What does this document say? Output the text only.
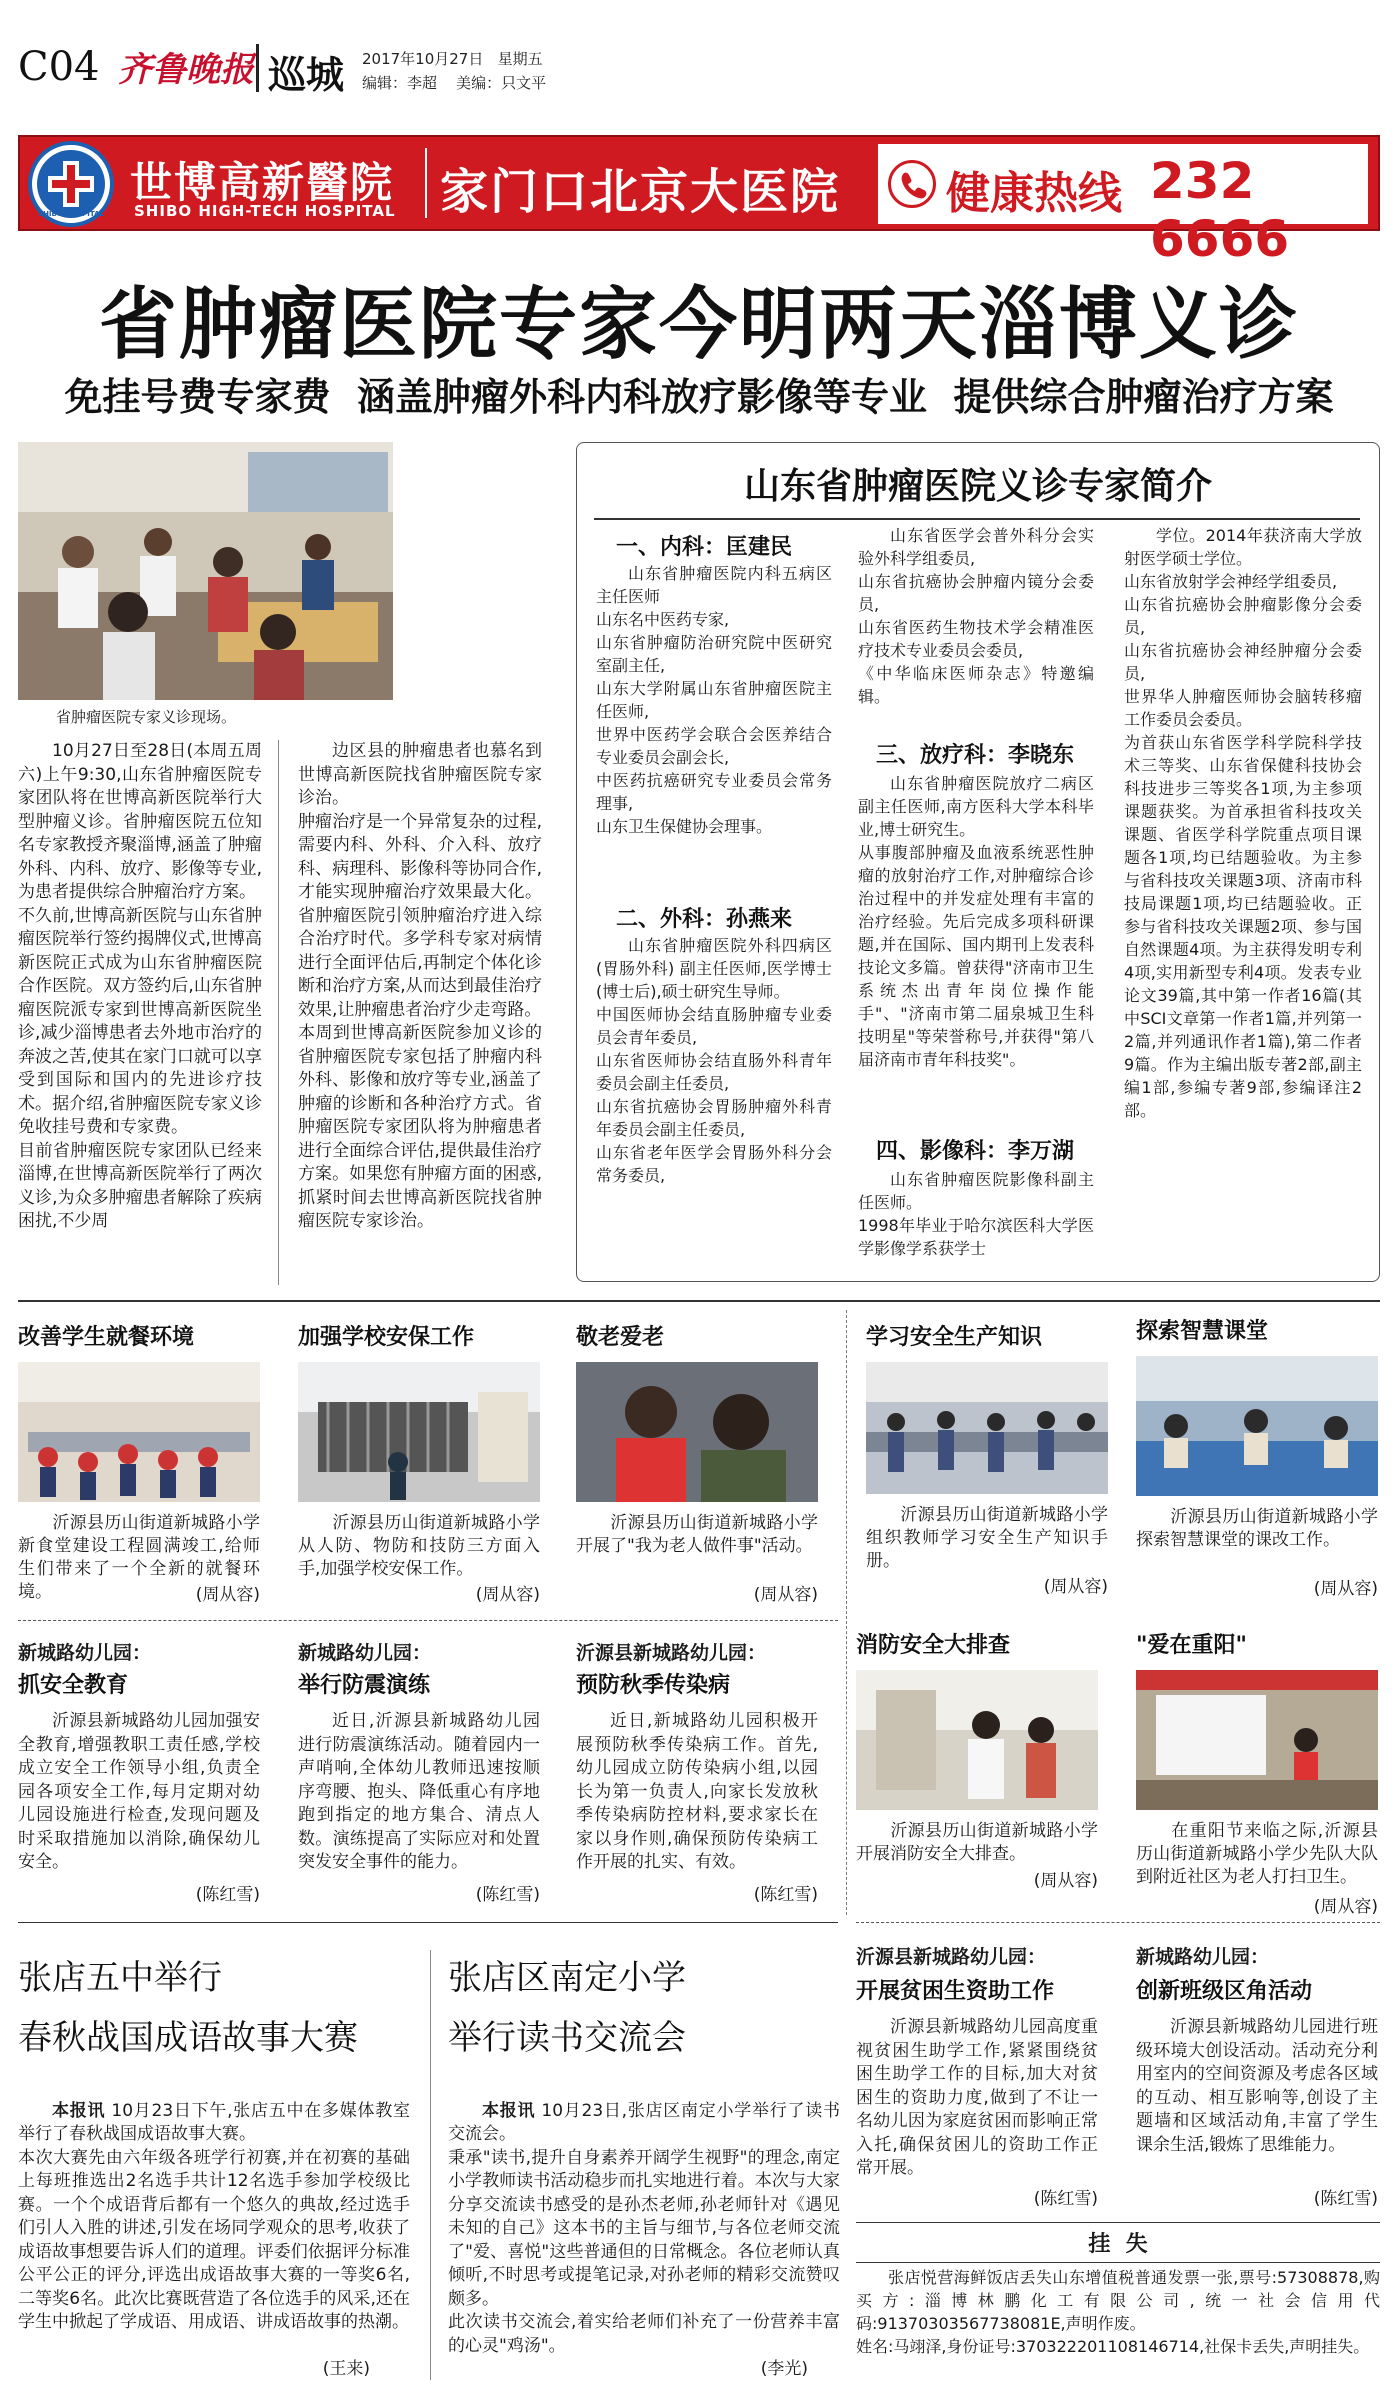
C04 齐鲁晚报 巡城 2017年10月27日 星期五
编辑：李超    美编：只文平
SHIBO HOSPITAL
世博高新醫院
SHIBO HIGH-TECH HOSPITAL 家门口北京大医院 健康热线 232 6666
省肿瘤医院专家今明两天淄博义诊
免挂号费专家费  涵盖肿瘤外科内科放疗影像等专业  提供综合肿瘤治疗方案
省肿瘤医院专家义诊现场。
10月27日至28日(本周五周六)上午9:30,山东省肿瘤医院专家团队将在世博高新医院举行大型肿瘤义诊。省肿瘤医院五位知名专家教授齐聚淄博,涵盖了肿瘤外科、内科、放疗、影像等专业,为患者提供综合肿瘤治疗方案。
不久前,世博高新医院与山东省肿瘤医院举行签约揭牌仪式,世博高新医院正式成为山东省肿瘤医院合作医院。双方签约后,山东省肿瘤医院派专家到世博高新医院坐诊,减少淄博患者去外地市治疗的奔波之苦,使其在家门口就可以享受到国际和国内的先进诊疗技术。据介绍,省肿瘤医院专家义诊免收挂号费和专家费。
目前省肿瘤医院专家团队已经来淄博,在世博高新医院举行了两次义诊,为众多肿瘤患者解除了疾病困扰,不少周
边区县的肿瘤患者也慕名到世博高新医院找省肿瘤医院专家诊治。
肿瘤治疗是一个异常复杂的过程,需要内科、外科、介入科、放疗科、病理科、影像科等协同合作,才能实现肿瘤治疗效果最大化。省肿瘤医院引领肿瘤治疗进入综合治疗时代。多学科专家对病情进行全面评估后,再制定个体化诊断和治疗方案,从而达到最佳治疗效果,让肿瘤患者治疗少走弯路。
本周到世博高新医院参加义诊的省肿瘤医院专家包括了肿瘤内科外科、影像和放疗等专业,涵盖了肿瘤的诊断和各种治疗方式。省肿瘤医院专家团队将为肿瘤患者进行全面综合评估,提供最佳治疗方案。如果您有肿瘤方面的困惑,抓紧时间去世博高新医院找省肿瘤医院专家诊治。
山东省肿瘤医院义诊专家简介
一、内科：匡建民
山东省肿瘤医院内科五病区 主任医师
山东名中医药专家,
山东省肿瘤防治研究院中医研究室副主任,
山东大学附属山东省肿瘤医院主任医师,
世界中医药学会联合会医养结合专业委员会副会长,
中医药抗癌研究专业委员会常务理事,
山东卫生保健协会理事。
二、外科：孙燕来
山东省肿瘤医院外科四病区(胃肠外科) 副主任医师,医学博士(博士后),硕士研究生导师。
中国医师协会结直肠肿瘤专业委员会青年委员,
山东省医师协会结直肠外科青年委员会副主任委员,
山东省抗癌协会胃肠肿瘤外科青年委员会副主任委员,
山东省老年医学会胃肠外科分会常务委员,
山东省医学会普外科分会实验外科学组委员,
山东省抗癌协会肿瘤内镜分会委员,
山东省医药生物技术学会精准医疗技术专业委员会委员,
《中华临床医师杂志》特邀编辑。
三、放疗科：李晓东
山东省肿瘤医院放疗二病区 副主任医师,南方医科大学本科毕业,博士研究生。
从事腹部肿瘤及血液系统恶性肿瘤的放射治疗工作,对肿瘤综合诊治过程中的并发症处理有丰富的治疗经验。先后完成多项科研课题,并在国际、国内期刊上发表科技论文多篇。曾获得"济南市卫生系统杰出青年岗位操作能手"、"济南市第二届泉城卫生科技明星"等荣誉称号,并获得"第八届济南市青年科技奖"。
四、影像科：李万湖
山东省肿瘤医院影像科副主任医师。
1998年毕业于哈尔滨医科大学医学影像学系获学士
学位。2014年获济南大学放射医学硕士学位。
山东省放射学会神经学组委员,
山东省抗癌协会肿瘤影像分会委员,
山东省抗癌协会神经肿瘤分会委员,
世界华人肿瘤医师协会脑转移瘤工作委员会委员。
为首获山东省医学科学院科学技术三等奖、山东省保健科技协会科技进步三等奖各1项,为主参项课题获奖。为首承担省科技攻关课题、省医学科学院重点项目课题各1项,均已结题验收。为主参与省科技攻关课题3项、济南市科技局课题1项,均已结题验收。正参与省科技攻关课题2项、参与国自然课题4项。为主获得发明专利4项,实用新型专利4项。发表专业论文39篇,其中第一作者16篇(其中SCI文章第一作者1篇,并列第一2篇,并列通讯作者1篇),第二作者9篇。作为主编出版专著2部,副主编1部,参编专著9部,参编译注2部。
改善学生就餐环境
沂源县历山街道新城路小学新食堂建设工程圆满竣工,给师生们带来了一个全新的就餐环境。	(周从容)
加强学校安保工作
沂源县历山街道新城路小学从人防、物防和技防三方面入手,加强学校安保工作。
(周从容)
敬老爱老
沂源县历山街道新城路小学开展了"我为老人做件事"活动。
(周从容)
学习安全生产知识
沂源县历山街道新城路小学组织教师学习安全生产知识手册。
(周从容)
探索智慧课堂
沂源县历山街道新城路小学探索智慧课堂的课改工作。
(周从容)
新城路幼儿园：
抓安全教育
沂源县新城路幼儿园加强安全教育,增强教职工责任感,学校成立安全工作领导小组,负责全园各项安全工作,每月定期对幼儿园设施进行检查,发现问题及时采取措施加以消除,确保幼儿安全。
(陈红雪)
新城路幼儿园：
举行防震演练
近日,沂源县新城路幼儿园进行防震演练活动。随着园内一声哨响,全体幼儿教师迅速按顺序弯腰、抱头、降低重心有序地跑到指定的地方集合、清点人数。演练提高了实际应对和处置突发安全事件的能力。
(陈红雪)
沂源县新城路幼儿园：
预防秋季传染病
近日,新城路幼儿园积极开展预防秋季传染病工作。首先,幼儿园成立防传染病小组,以园长为第一负责人,向家长发放秋季传染病防控材料,要求家长在家以身作则,确保预防传染病工作开展的扎实、有效。
(陈红雪)
消防安全大排查
沂源县历山街道新城路小学开展消防安全大排查。
(周从容)
"爱在重阳"
在重阳节来临之际,沂源县历山街道新城路小学少先队大队到附近社区为老人打扫卫生。
(周从容)
张店五中举行
春秋战国成语故事大赛

本报讯 10月23日下午,张店五中在多媒体教室举行了春秋战国成语故事大赛。
本次大赛先由六年级各班学行初赛,并在初赛的基础上每班推选出2名选手共计12名选手参加学校级比赛。一个个成语背后都有一个悠久的典故,经过选手们引人入胜的讲述,引发在场同学观众的思考,收获了成语故事想要告诉人们的道理。评委们依据评分标准公平公正的评分,评选出成语故事大赛的一等奖6名,二等奖6名。此次比赛既营造了各位选手的风采,还在学生中掀起了学成语、用成语、讲成语故事的热潮。

(王来)
张店区南定小学
举行读书交流会

本报讯 10月23日,张店区南定小学举行了读书交流会。
秉承"读书,提升自身素养开阔学生视野"的理念,南定小学教师读书活动稳步而扎实地进行着。本次与大家分享交流读书感受的是孙杰老师,孙老师针对《遇见未知的自己》这本书的主旨与细节,与各位老师交流了"爱、喜悦"这些普通但的日常概念。各位老师认真倾听,不时思考或提笔记录,对孙老师的精彩交流赞叹颇多。
此次读书交流会,着实给老师们补充了一份营养丰富的心灵"鸡汤"。

(李光)
沂源县新城路幼儿园：
开展贫困生资助工作
沂源县新城路幼儿园高度重视贫困生助学工作,紧紧围绕贫困生助学工作的目标,加大对贫困生的资助力度,做到了不让一名幼儿因为家庭贫困而影响正常入托,确保贫困儿的资助工作正常开展。
(陈红雪)
新城路幼儿园：
创新班级区角活动
沂源县新城路幼儿园进行班级环境大创设活动。活动充分利用室内的空间资源及考虑各区域的互动、相互影响等,创设了主题墙和区域活动角,丰富了学生课余生活,锻炼了思维能力。
(陈红雪)
挂  失
张店悦营海鲜饭店丢失山东增值税普通发票一张,票号:57308878,购买方:淄博林鹏化工有限公司,统一社会信用代码:91370303567738081E,声明作废。
姓名:马翊泽,身份证号:370322201108146714,社保卡丢失,声明挂失。
